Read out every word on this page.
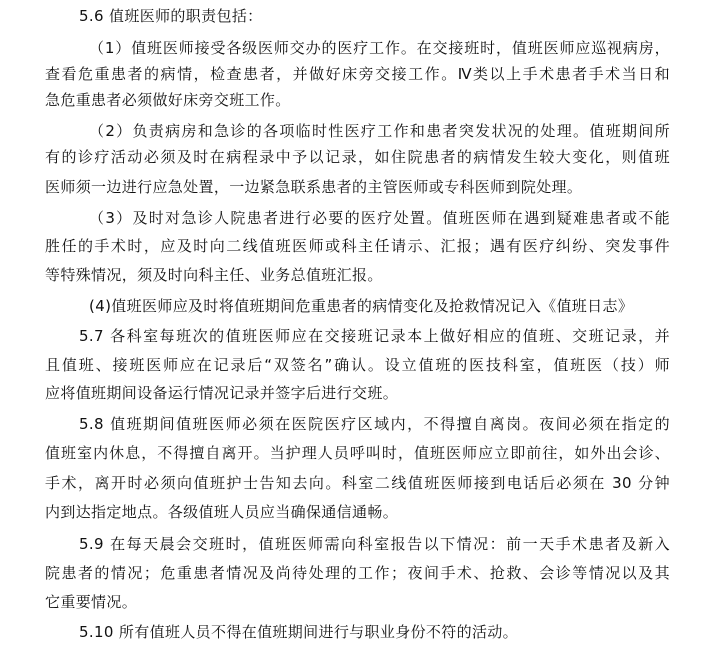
5.6 值班医师的职责包括：
（1）值班医师接受各级医师交办的医疗工作。在交接班时，值班医师应巡视病房，
查看危重患者的病情，检查患者，并做好床旁交接工作。Ⅳ类以上手术患者手术当日和
急危重患者必须做好床旁交班工作。
（2）负责病房和急诊的各项临时性医疗工作和患者突发状况的处理。值班期间所
有的诊疗活动必须及时在病程录中予以记录，如住院患者的病情发生较大变化，则值班
医师须一边进行应急处置，一边紧急联系患者的主管医师或专科医师到院处理。
（3）及时对急诊人院患者进行必要的医疗处置。值班医师在遇到疑难患者或不能
胜任的手术时，应及时向二线值班医师或科主任请示、汇报；遇有医疗纠纷、突发事件
等特殊情况，须及时向科主任、业务总值班汇报。
(4)值班医师应及时将值班期间危重患者的病情变化及抢救情况记入《值班日志》
5.7 各科室每班次的值班医师应在交接班记录本上做好相应的值班、交班记录，并
且值班、接班医师应在记录后“双签名”确认。设立值班的医技科室，值班医（技）师
应将值班期间设备运行情况记录并签字后进行交班。
5.8 值班期间值班医师必须在医院医疗区域内，不得擅自离岗。夜间必须在指定的
值班室内休息，不得擅自离开。当护理人员呼叫时，值班医师应立即前往，如外出会诊、
手术，离开时必须向值班护士告知去向。科室二线值班医师接到电话后必须在 30 分钟
内到达指定地点。各级值班人员应当确保通信通畅。
5.9 在每天晨会交班时，值班医师需向科室报告以下情况：前一天手术患者及新入
院患者的情况；危重患者情况及尚待处理的工作；夜间手术、抢救、会诊等情况以及其
它重要情况。
5.10 所有值班人员不得在值班期间进行与职业身份不符的活动。
